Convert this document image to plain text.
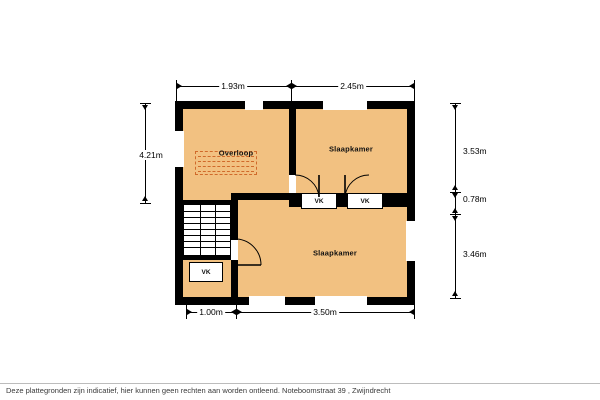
1.93m	2.45m
4.21m	3.53m
0.78m
3.46m
1.00m	3.50m
VK	VK
VK
Overloop	Slaapkamer
Slaapkamer
Deze plattegronden zijn indicatief, hier kunnen geen rechten aan worden ontleend. Noteboomstraat 39 , Zwijndrecht
